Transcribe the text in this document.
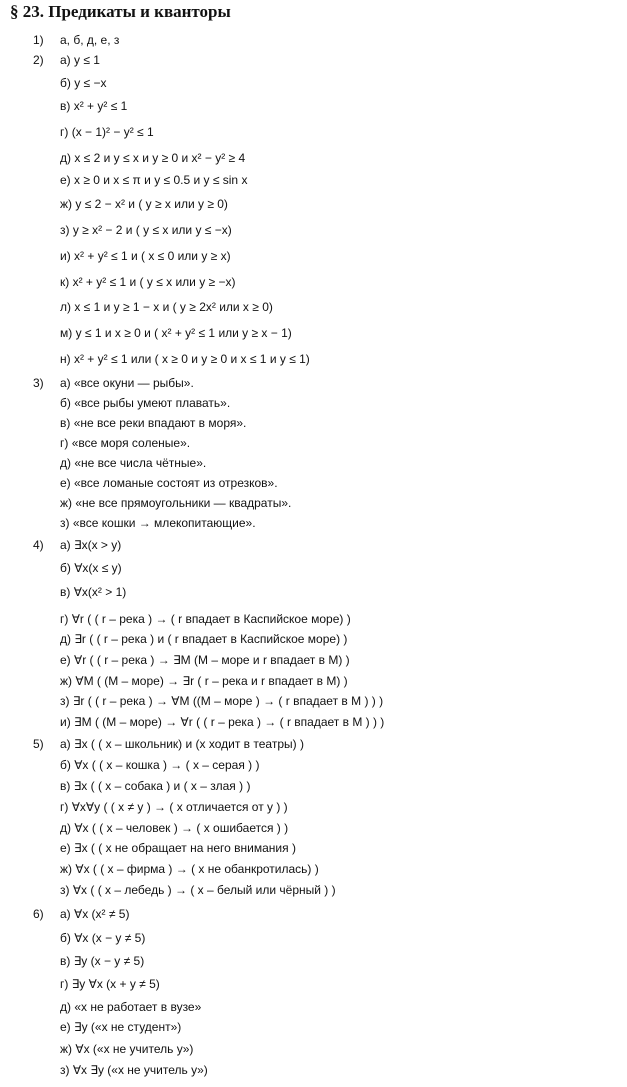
§ 23. Предикаты и кванторы
1) а, б, д, е, з
2) а) y ≤ 1
б) y ≤ −x
в) x² + y² ≤ 1
г) (x − 1)² − y² ≤ 1
д) x ≤ 2 и y ≤ x и y ≥ 0 и x² − y² ≥ 4
е) x ≥ 0 и x ≤ π и y ≤ 0.5 и y ≤ sin x
ж) y ≤ 2 − x² и ( y ≥ x или y ≥ 0)
з) y ≥ x² − 2 и ( y ≤ x или y ≤ −x)
и) x² + y² ≤ 1 и ( x ≤ 0 или y ≥ x)
к) x² + y² ≤ 1 и ( y ≤ x или y ≥ −x)
л) x ≤ 1 и y ≥ 1 − x и ( y ≥ 2x² или x ≥ 0)
м) y ≤ 1 и x ≥ 0 и ( x² + y² ≤ 1 или y ≥ x − 1)
н) x² + y² ≤ 1 или ( x ≥ 0 и y ≥ 0 и x ≤ 1 и y ≤ 1)
3) а) «все окуни — рыбы».
б) «все рыбы умеют плавать».
в) «не все реки впадают в моря».
г) «все моря соленые».
д) «не все числа чётные».
е) «все ломаные состоят из отрезков».
ж) «не все прямоугольники — квадраты».
з) «все кошки → млекопитающие».
4) а) ∃x(x > y)
б) ∀x(x ≤ y)
в) ∀x(x² > 1)
г) ∀r ( ( r – река ) → ( r впадает в Каспийское море) )
д) ∃r ( ( r – река ) и ( r впадает в Каспийское море) )
е) ∀r ( ( r – река ) → ∃M (M – море и r впадает в M) )
ж) ∀M ( (M – море) → ∃r ( r – река и r впадает в M) )
з) ∃r ( ( r – река ) → ∀M ((M – море ) → ( r впадает в M ) ) )
и) ∃M ( (M – море) → ∀r ( ( r – река ) → ( r впадает в M ) ) )
5) а) ∃x ( ( x – школьник) и (x ходит в театры) )
б) ∀x ( ( x – кошка ) → ( x – серая ) )
в) ∃x ( ( x – собака ) и ( x – злая ) )
г) ∀x∀y ( ( x ≠ y ) → ( x отличается от y ) )
д) ∀x ( ( x – человек ) → ( x ошибается ) )
е) ∃x ( ( x не обращает на него внимания )
ж) ∀x ( ( x – фирма ) → ( x не обанкротилась) )
з) ∀x ( ( x – лебедь ) → ( x – белый или чёрный ) )
6) а) ∀x (x² ≠ 5)
б) ∀x (x − y ≠ 5)
в) ∃y (x − y ≠ 5)
г) ∃y ∀x (x + y ≠ 5)
д) «x не работает в вузе»
е) ∃y («x не студент»)
ж) ∀x («x не учитель y»)
з) ∀x ∃y («x не учитель y»)
